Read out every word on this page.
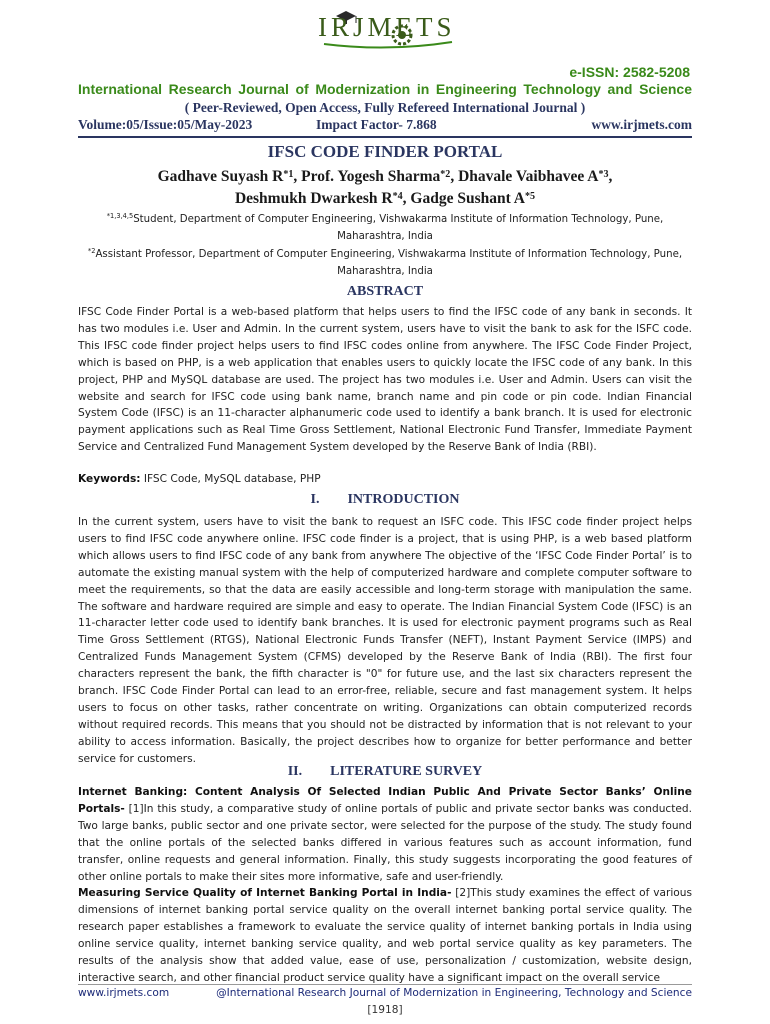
IRJMETS
e-ISSN: 2582-5208
International Research Journal of Modernization in Engineering Technology and Science
( Peer-Reviewed, Open Access, Fully Refereed International Journal )
Volume:05/Issue:05/May-2023	Impact Factor- 7.868	www.irjmets.com
IFSC CODE FINDER PORTAL
Gadhave Suyash $R^{*1}$, Prof. Yogesh Sharma$^{*2}$, Dhavale Vaibhavee $A^{*3}$,
Deshmukh Dwarkesh $R^{*4}$, Gadge Sushant $A^{*5}$
$^{*1,3,4,5}$Student, Department of Computer Engineering, Vishwakarma Institute of Information Technology, Pune, Maharashtra, India
$^{*2}$Assistant Professor, Department of Computer Engineering, Vishwakarma Institute of Information Technology, Pune, Maharashtra, India
ABSTRACT
IFSC Code Finder Portal is a web-based platform that helps users to find the IFSC code of any bank in seconds. It has two modules i.e. User and Admin. In the current system, users have to visit the bank to ask for the ISFC code. This IFSC code finder project helps users to find IFSC codes online from anywhere. The IFSC Code Finder Project, which is based on PHP, is a web application that enables users to quickly locate the IFSC code of any bank. In this project, PHP and MySQL database are used. The project has two modules i.e. User and Admin. Users can visit the website and search for IFSC code using bank name, branch name and pin code or pin code. Indian Financial System Code (IFSC) is an 11-character alphanumeric code used to identify a bank branch. It is used for electronic payment applications such as Real Time Gross Settlement, National Electronic Fund Transfer, Immediate Payment Service and Centralized Fund Management System developed by the Reserve Bank of India (RBI).
Keywords: IFSC Code, MySQL database, PHP
I. INTRODUCTION
In the current system, users have to visit the bank to request an ISFC code. This IFSC code finder project helps users to find IFSC code anywhere online. IFSC code finder is a project, that is using PHP, is a web based platform which allows users to find IFSC code of any bank from anywhere The objective of the ‘IFSC Code Finder Portal’ is to automate the existing manual system with the help of computerized hardware and complete computer software to meet the requirements, so that the data are easily accessible and long-term storage with manipulation the same. The software and hardware required are simple and easy to operate. The Indian Financial System Code (IFSC) is an 11-character letter code used to identify bank branches. It is used for electronic payment programs such as Real Time Gross Settlement (RTGS), National Electronic Funds Transfer (NEFT), Instant Payment Service (IMPS) and Centralized Funds Management System (CFMS) developed by the Reserve Bank of India (RBI). The first four characters represent the bank, the fifth character is "0" for future use, and the last six characters represent the branch. IFSC Code Finder Portal can lead to an error-free, reliable, secure and fast management system. It helps users to focus on other tasks, rather concentrate on writing. Organizations can obtain computerized records without required records. This means that you should not be distracted by information that is not relevant to your ability to access information. Basically, the project describes how to organize for better performance and better service for customers.
II. LITERATURE SURVEY
Internet Banking: Content Analysis Of Selected Indian Public And Private Sector Banks’ Online Portals- [1]In this study, a comparative study of online portals of public and private sector banks was conducted. Two large banks, public sector and one private sector, were selected for the purpose of the study. The study found that the online portals of the selected banks differed in various features such as account information, fund transfer, online requests and general information. Finally, this study suggests incorporating the good features of other online portals to make their sites more informative, safe and user-friendly.
Measuring Service Quality of Internet Banking Portal in India- [2]This study examines the effect of various dimensions of internet banking portal service quality on the overall internet banking portal service quality. The research paper establishes a framework to evaluate the service quality of internet banking portals in India using online service quality, internet banking service quality, and web portal service quality as key parameters. The results of the analysis show that added value, ease of use, personalization / customization, website design, interactive search, and other financial product service quality have a significant impact on the overall service
www.irjmets.com	@International Research Journal of Modernization in Engineering, Technology and Science
[1918]
